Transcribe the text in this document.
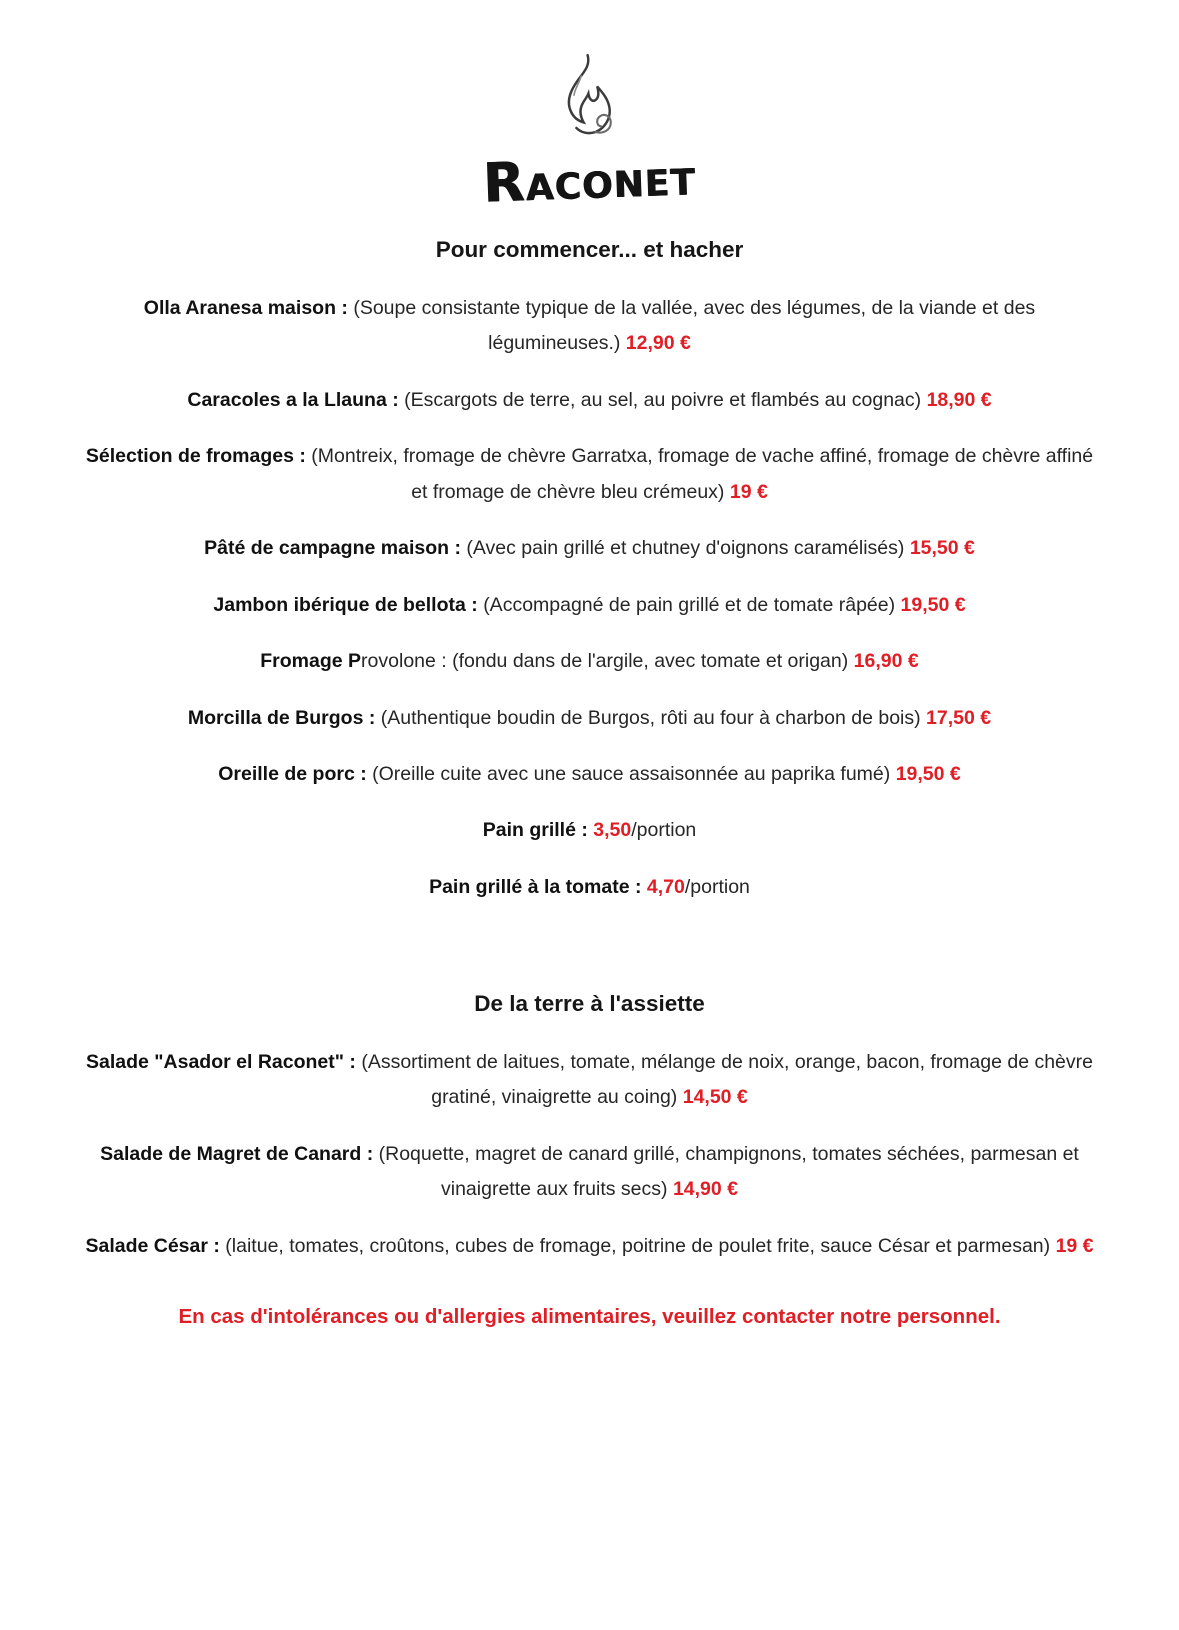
RACONET
Pour commencer... et hacher

Olla Aranesa maison : (Soupe consistante typique de la vallée, avec des légumes, de la viande et des légumineuses.) 12,90 €

Caracoles a la Llauna : (Escargots de terre, au sel, au poivre et flambés au cognac) 18,90 €

Sélection de fromages : (Montreix, fromage de chèvre Garratxa, fromage de vache affiné, fromage de chèvre affiné et fromage de chèvre bleu crémeux) 19 €

Pâté de campagne maison : (Avec pain grillé et chutney d'oignons caramélisés) 15,50 €

Jambon ibérique de bellota : (Accompagné de pain grillé et de tomate râpée) 19,50 €

Fromage Provolone : (fondu dans de l'argile, avec tomate et origan) 16,90 €

Morcilla de Burgos : (Authentique boudin de Burgos, rôti au four à charbon de bois) 17,50 €

Oreille de porc : (Oreille cuite avec une sauce assaisonnée au paprika fumé) 19,50 €

Pain grillé : 3,50/portion

Pain grillé à la tomate : 4,70/portion

De la terre à l'assiette

Salade "Asador el Raconet" : (Assortiment de laitues, tomate, mélange de noix, orange, bacon, fromage de chèvre gratiné, vinaigrette au coing) 14,50 €

Salade de Magret de Canard : (Roquette, magret de canard grillé, champignons, tomates séchées, parmesan et vinaigrette aux fruits secs) 14,90 €

Salade César : (laitue, tomates, croûtons, cubes de fromage, poitrine de poulet frite, sauce César et parmesan) 19 €

En cas d'intolérances ou d'allergies alimentaires, veuillez contacter notre personnel.
